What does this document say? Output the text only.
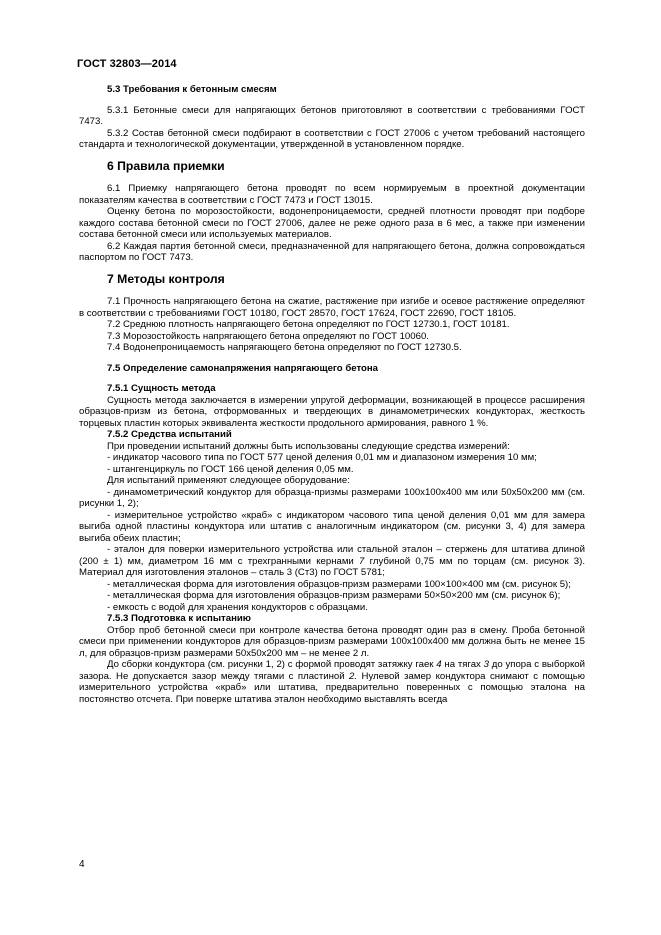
ГОСТ 32803—2014

5.3 Требования к бетонным смесям

5.3.1 Бетонные смеси для напрягающих бетонов приготовляют в соответствии с требованиями ГОСТ 7473.

5.3.2 Состав бетонной смеси подбирают в соответствии с ГОСТ 27006 с учетом требований настоящего стандарта и технологической документации, утвержденной в установленном порядке.

6 Правила приемки

6.1 Приемку напрягающего бетона проводят по всем нормируемым в проектной документации показателям качества в соответствии с ГОСТ 7473 и ГОСТ 13015.

Оценку бетона по морозостойкости, водонепроницаемости, средней плотности проводят при подборе каждого состава бетонной смеси по ГОСТ 27006, далее не реже одного раза в 6 мес, а также при изменении состава бетонной смеси или используемых материалов.

6.2 Каждая партия бетонной смеси, предназначенной для напрягающего бетона, должна сопровождаться паспортом по ГОСТ 7473.

7 Методы контроля

7.1 Прочность напрягающего бетона на сжатие, растяжение при изгибе и осевое растяжение определяют в соответствии с требованиями ГОСТ 10180, ГОСТ 28570, ГОСТ 17624, ГОСТ 22690, ГОСТ 18105.

7.2 Среднюю плотность напрягающего бетона определяют по ГОСТ 12730.1, ГОСТ 10181.

7.3 Морозостойкость напрягающего бетона определяют по ГОСТ 10060.

7.4 Водонепроницаемость напрягающего бетона определяют по ГОСТ 12730.5.

7.5 Определение самонапряжения напрягающего бетона

7.5.1 Сущность метода

Сущность метода заключается в измерении упругой деформации, возникающей в процессе расширения образцов-призм из бетона, отформованных и твердеющих в динамометрических кондукторах, жесткость торцевых пластин которых эквивалента жесткости продольного армирования, равного 1 %.

7.5.2 Средства испытаний

При проведении испытаний должны быть использованы следующие средства измерений:

- индикатор часового типа по ГОСТ 577 ценой деления 0,01 мм и диапазоном измерения 10 мм;

- штангенциркуль по ГОСТ 166 ценой деления 0,05 мм.

Для испытаний применяют следующее оборудование:

- динамометрический кондуктор для образца-призмы размерами 100х100х400 мм или 50х50х200 мм (см. рисунки 1, 2);

- измерительное устройство «краб» с индикатором часового типа ценой деления 0,01 мм для замера выгиба одной пластины кондуктора или штатив с аналогичным индикатором (см. рисунки 3, 4) для замера выгиба обеих пластин;

- эталон для поверки измерительного устройства или стальной эталон – стержень для штатива длиной (200 ± 1) мм, диаметром 16 мм с трехгранными кернами 7 глубиной 0,75 мм по торцам (см. рисунок 3). Материал для изготовления эталонов – сталь 3 (Ст3) по ГОСТ 5781;

- металлическая форма для изготовления образцов-призм размерами 100×100×400 мм (см. рисунок 5);

- металлическая форма для изготовления образцов-призм размерами 50×50×200 мм (см. рисунок 6);

- емкость с водой для хранения кондукторов с образцами.

7.5.3 Подготовка к испытанию

Отбор проб бетонной смеси при контроле качества бетона проводят один раз в смену. Проба бетонной смеси при применении кондукторов для образцов-призм размерами 100х100х400 мм должна быть не менее 15 л, для образцов-призм размерами 50х50х200 мм – не менее 2 л.

До сборки кондуктора (см. рисунки 1, 2) с формой проводят затяжку гаек 4 на тягах 3 до упора с выборкой зазора. Не допускается зазор между тягами с пластиной 2. Нулевой замер кондуктора снимают с помощью измерительного устройства «краб» или штатива, предварительно поверенных с помощью эталона на постоянство отсчета. При поверке штатива эталон необходимо выставлять всегда

4
